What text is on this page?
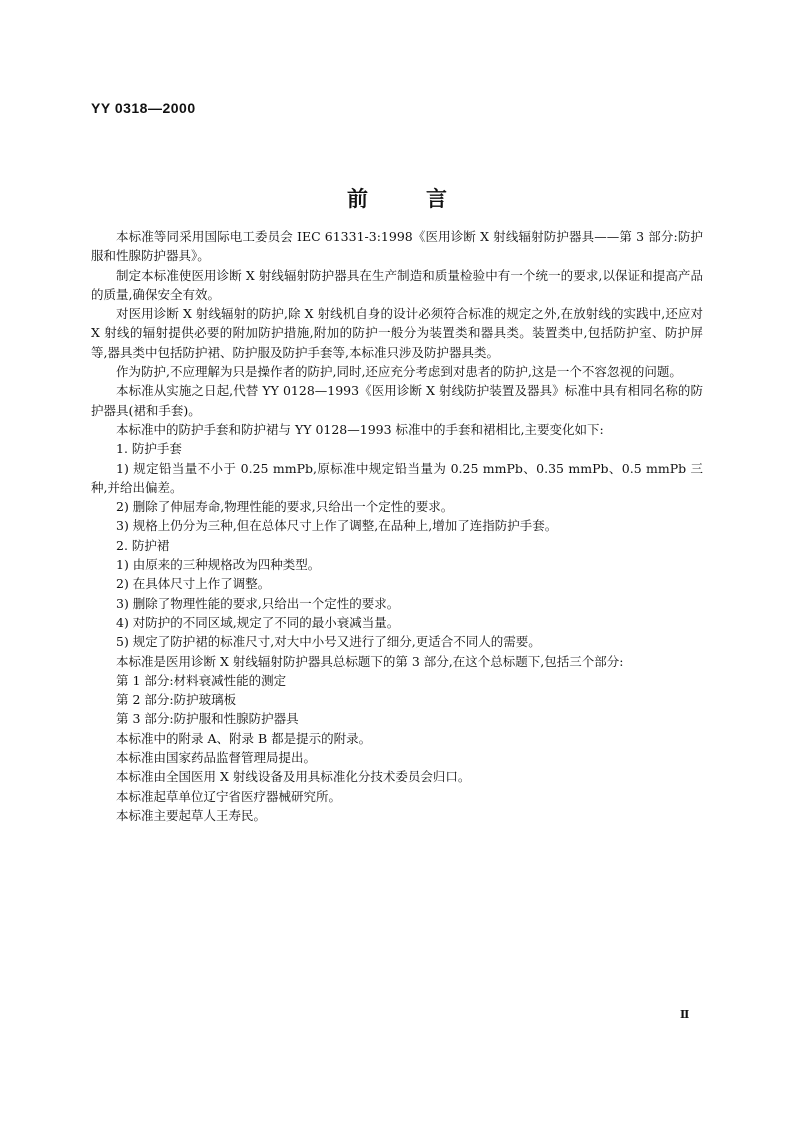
YY 0318—2000
前	言

本标准等同采用国际电工委员会 IEC 61331-3:1998《医用诊断 X 射线辐射防护器具——第 3 部分:防护服和性腺防护器具》。

制定本标准使医用诊断 X 射线辐射防护器具在生产制造和质量检验中有一个统一的要求,以保证和提高产品的质量,确保安全有效。

对医用诊断 X 射线辐射的防护,除 X 射线机自身的设计必须符合标准的规定之外,在放射线的实践中,还应对 X 射线的辐射提供必要的附加防护措施,附加的防护一般分为装置类和器具类。装置类中,包括防护室、防护屏等,器具类中包括防护裙、防护服及防护手套等,本标准只涉及防护器具类。

作为防护,不应理解为只是操作者的防护,同时,还应充分考虑到对患者的防护,这是一个不容忽视的问题。

本标准从实施之日起,代替 YY 0128—1993《医用诊断 X 射线防护装置及器具》标准中具有相同名称的防护器具(裙和手套)。

本标准中的防护手套和防护裙与 YY 0128—1993 标准中的手套和裙相比,主要变化如下:

1. 防护手套

1) 规定铅当量不小于 0.25 mmPb,原标准中规定铅当量为 0.25 mmPb、0.35 mmPb、0.5 mmPb 三种,并给出偏差。

2) 删除了伸屈寿命,物理性能的要求,只给出一个定性的要求。

3) 规格上仍分为三种,但在总体尺寸上作了调整,在品种上,增加了连指防护手套。

2. 防护裙

1) 由原来的三种规格改为四种类型。

2) 在具体尺寸上作了调整。

3) 删除了物理性能的要求,只给出一个定性的要求。

4) 对防护的不同区域,规定了不同的最小衰减当量。

5) 规定了防护裙的标准尺寸,对大中小号又进行了细分,更适合不同人的需要。

本标准是医用诊断 X 射线辐射防护器具总标题下的第 3 部分,在这个总标题下,包括三个部分:

第 1 部分:材料衰减性能的测定

第 2 部分:防护玻璃板

第 3 部分:防护服和性腺防护器具

本标准中的附录 A、附录 B 都是提示的附录。

本标准由国家药品监督管理局提出。

本标准由全国医用 X 射线设备及用具标准化分技术委员会归口。

本标准起草单位辽宁省医疗器械研究所。

本标准主要起草人王寿民。

Ⅱ
